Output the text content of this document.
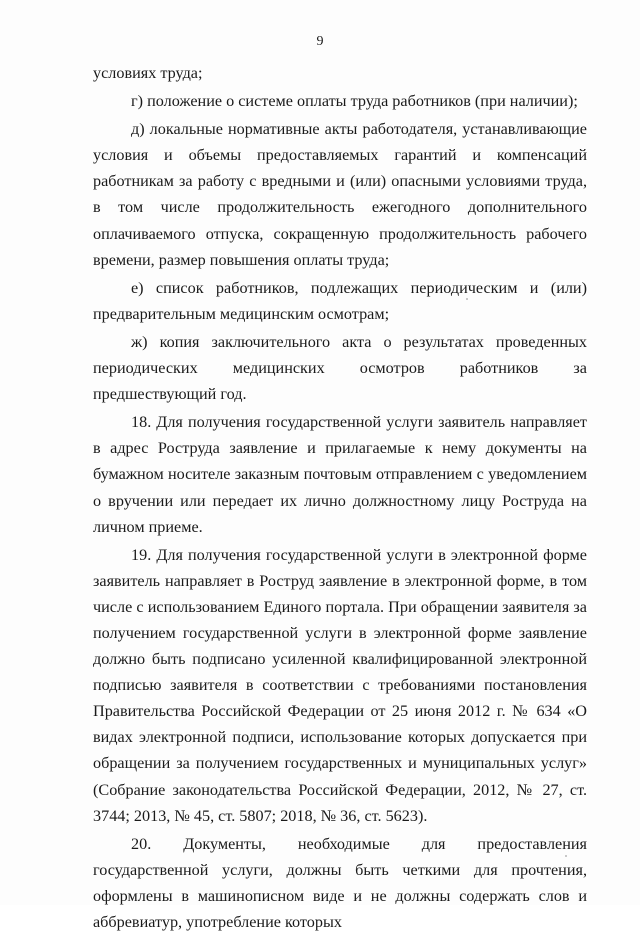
9

условиях труда;

г) положение о системе оплаты труда работников (при наличии);

д) локальные нормативные акты работодателя, устанавливающие условия и объемы предоставляемых гарантий и компенсаций работникам за работу с вредными и (или) опасными условиями труда, в том числе продолжительность ежегодного дополнительного оплачиваемого отпуска, сокращенную продолжительность рабочего времени, размер повышения оплаты труда;

е) список работников, подлежащих периодическим и (или) предварительным медицинским осмотрам;

ж) копия заключительного акта о результатах проведенных периодических медицинских осмотров работников за предшествующий год.

18. Для получения государственной услуги заявитель направляет в адрес Роструда заявление и прилагаемые к нему документы на бумажном носителе заказным почтовым отправлением с уведомлением о вручении или передает их лично должностному лицу Роструда на личном приеме.

19. Для получения государственной услуги в электронной форме заявитель направляет в Роструд заявление в электронной форме, в том числе с использованием Единого портала. При обращении заявителя за получением государственной услуги в электронной форме заявление должно быть подписано усиленной квалифицированной электронной подписью заявителя в соответствии с требованиями постановления Правительства Российской Федерации от 25 июня 2012 г. № 634 «О видах электронной подписи, использование которых допускается при обращении за получением государственных и муниципальных услуг» (Собрание законодательства Российской Федерации, 2012, № 27, ст. 3744; 2013, № 45, ст. 5807; 2018, № 36, ст. 5623).

20. Документы, необходимые для предоставления государственной услуги, должны быть четкими для прочтения, оформлены в машинописном виде и не должны содержать слов и аббревиатур, употребление которых
